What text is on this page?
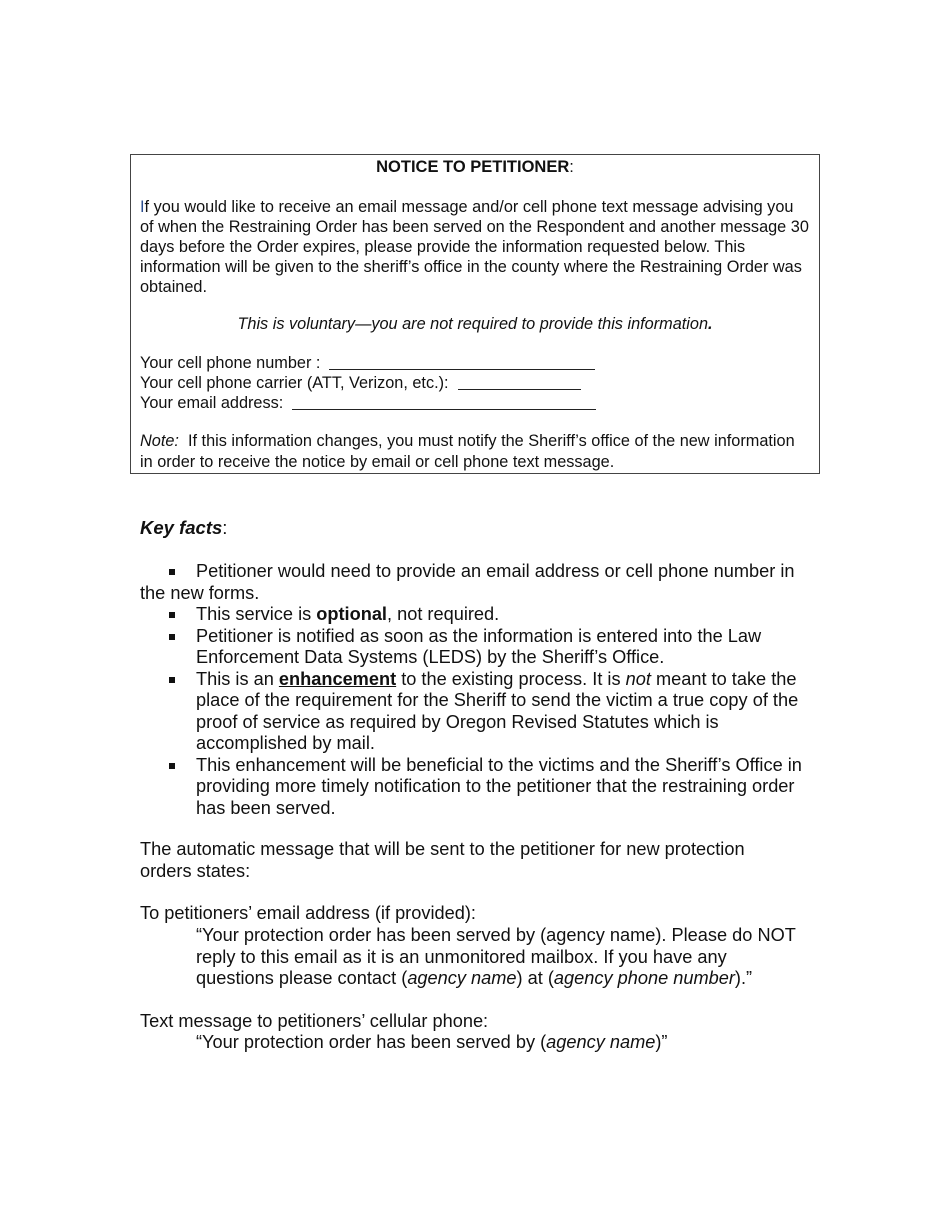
NOTICE TO PETITIONER:
If you would like to receive an email message and/or cell phone text message advising you of when the Restraining Order has been served on the Respondent and another message 30 days before the Order expires, please provide the information requested below. This information will be given to the sheriff’s office in the county where the Restraining Order was obtained.
This is voluntary—you are not required to provide this information.
Your cell phone number :
Your cell phone carrier (ATT, Verizon, etc.):
Your email address:
Note: If this information changes, you must notify the Sheriff’s office of the new information in order to receive the notice by email or cell phone text message.
Key facts:
Petitioner would need to provide an email address or cell phone number in the new forms.
This service is optional, not required.
Petitioner is notified as soon as the information is entered into the Law Enforcement Data Systems (LEDS) by the Sheriff’s Office.
This is an enhancement to the existing process. It is not meant to take the place of the requirement for the Sheriff to send the victim a true copy of the proof of service as required by Oregon Revised Statutes which is accomplished by mail.
This enhancement will be beneficial to the victims and the Sheriff’s Office in providing more timely notification to the petitioner that the restraining order has been served.
The automatic message that will be sent to the petitioner for new protection orders states:
To petitioners’ email address (if provided):
“Your protection order has been served by (agency name). Please do NOT reply to this email as it is an unmonitored mailbox. If you have any questions please contact (agency name) at (agency phone number).”
Text message to petitioners’ cellular phone:
“Your protection order has been served by (agency name)”
